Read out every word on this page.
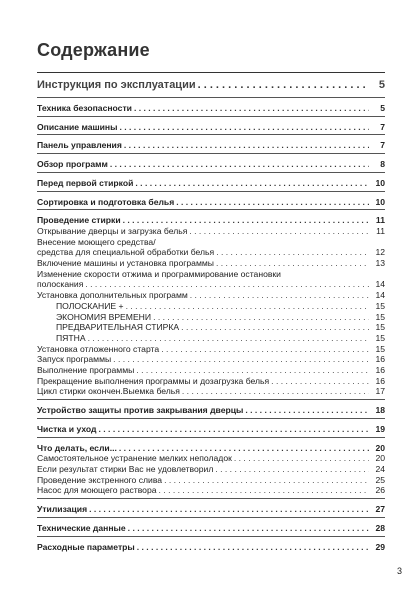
Содержание
Инструкция по эксплуатации . . .	5
Техника безопасности . . .	5
Описание машины . . .	7
Панель управления . . .	7
Обзор программ . . .	8
Перед первой стиркой . . .	10
Сортировка и подготовка белья . . .	10
Проведение стирки . . .	11
Открывание дверцы и загрузка белья . . .	11
Внесение моющего средства/
средства для специальной обработки белья . . .	12
Включение машины и установка программы . . .	13
Изменение скорости отжима и программирование остановки
полоскания . . .	14
Установка дополнительных программ . . .	14
ПОЛОСКАНИЕ + . . .	15
ЭКОНОМИЯ ВРЕМЕНИ . . .	15
ПРЕДВАРИТЕЛЬНАЯ СТИРКА . . .	15
ПЯТНА . . .	15
Установка отложенного старта . . .	15
Запуск программы . . .	16
Выполнение программы . . .	16
Прекращение выполнения программы и дозагрузка белья . . .	16
Цикл стирки окончен.Выемка белья . . .	17
Устройство защиты против закрывания дверцы . . .	18
Чистка и уход . . .	19
Что делать, если... . . .	20
Самостоятельное устранение мелких неполадок . . .	20
Если результат стирки Вас не удовлетворил . . .	24
Проведение экстренного слива . . .	25
Насос для моющего раствора . . .	26
Утилизация . . .	27
Технические данные . . .	28
Расходные параметры . . .	29
3
